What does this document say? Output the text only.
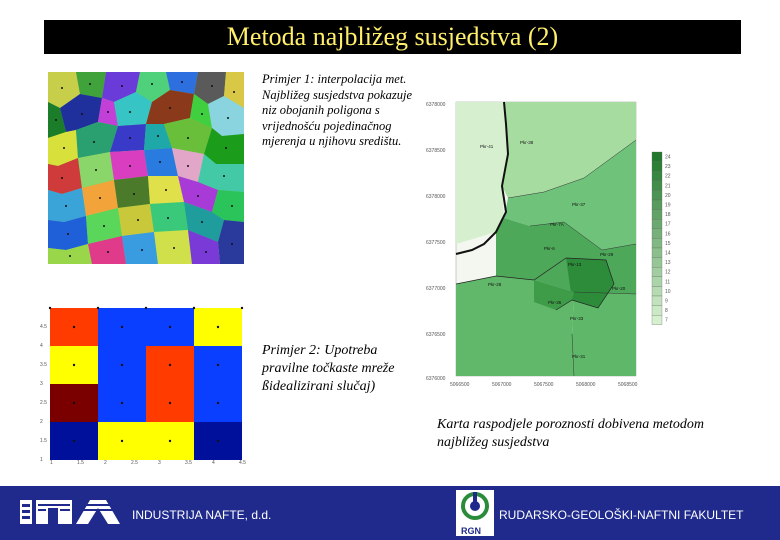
Metoda najbližeg susjedstva (2)
Primjer 1: interpolacija met. Najbližeg susjedstva pokazuje niz obojanih poligona s vrijednošću pojedinačnog mjerenja u njihovu središtu.
4.5
4
3.5
3
2.5
2
1.5
1 1	1.5	2	2.5	3	3.5	4	4.5
Primjer 2: Upotreba pravilne točkaste mreže ßidealizirani slučaj)
6378000
6378500
6378000
6377500
6377000
6376500
6376000
5066500	5067000	5067500	5068000	5068500
Pkr-41
Pkr-38
Pkr-37
Pkr-7A
Pkr-6
Pkr-29
Pkr-13
Pkr-20
Pkr-36
Pkr-33
Pkr-31
Pkr-28
24
23
22
21
20
19
18
17
16
15
14
13
12
11
10
9
8
7
Karta raspodjele poroznosti dobivena metodom najbližeg susjedstva
INDUSTRIJA NAFTE, d.d.
RGN
RUDARSKO-GEOLOŠKI-NAFTNI FAKULTET
